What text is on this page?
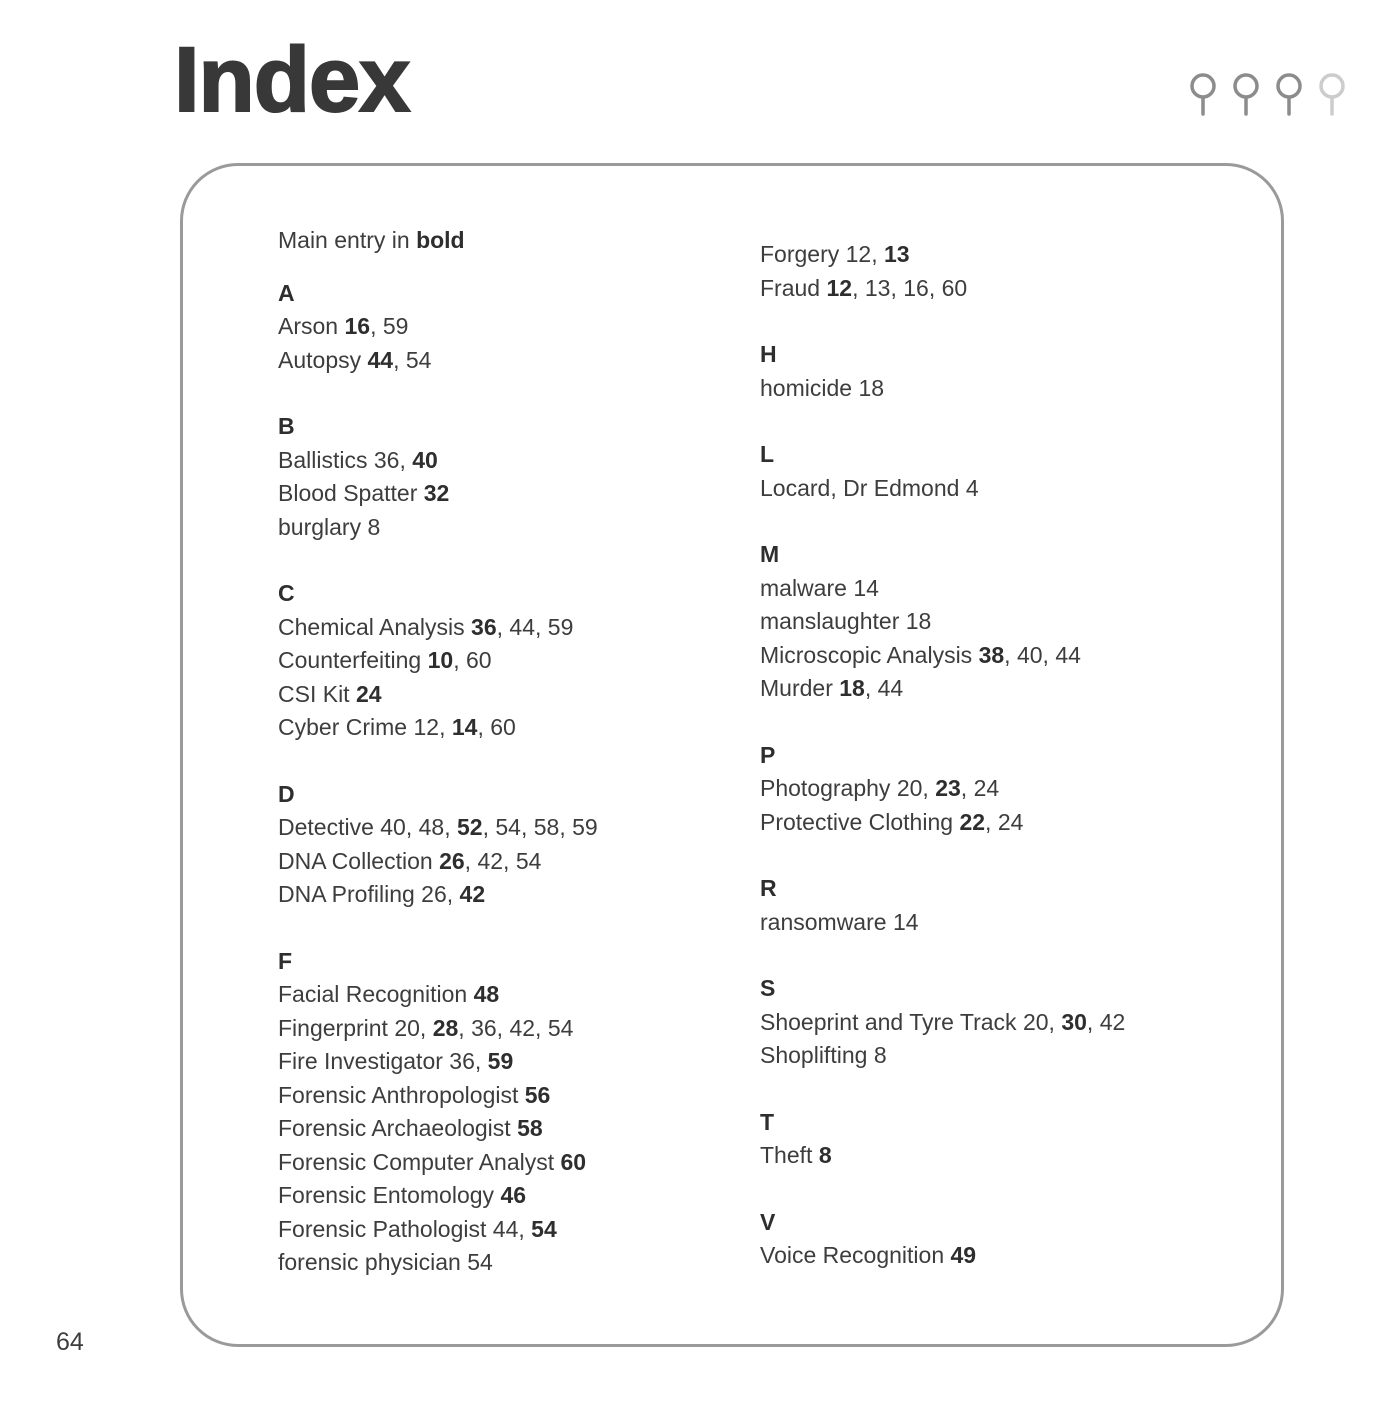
Index
Main entry in bold
A
Arson 16, 59
Autopsy 44, 54
B
Ballistics 36, 40
Blood Spatter 32
burglary 8
C
Chemical Analysis 36, 44, 59
Counterfeiting 10, 60
CSI Kit 24
Cyber Crime 12, 14, 60
D
Detective 40, 48, 52, 54, 58, 59
DNA Collection 26, 42, 54
DNA Profiling 26, 42
F
Facial Recognition 48
Fingerprint 20, 28, 36, 42, 54
Fire Investigator 36, 59
Forensic Anthropologist 56
Forensic Archaeologist 58
Forensic Computer Analyst 60
Forensic Entomology 46
Forensic Pathologist 44, 54
forensic physician 54
Forgery 12, 13
Fraud 12, 13, 16, 60
H
homicide 18
L
Locard, Dr Edmond 4
M
malware 14
manslaughter 18
Microscopic Analysis 38, 40, 44
Murder 18, 44
P
Photography 20, 23, 24
Protective Clothing 22, 24
R
ransomware 14
S
Shoeprint and Tyre Track 20, 30, 42
Shoplifting 8
T
Theft 8
V
Voice Recognition 49
64
